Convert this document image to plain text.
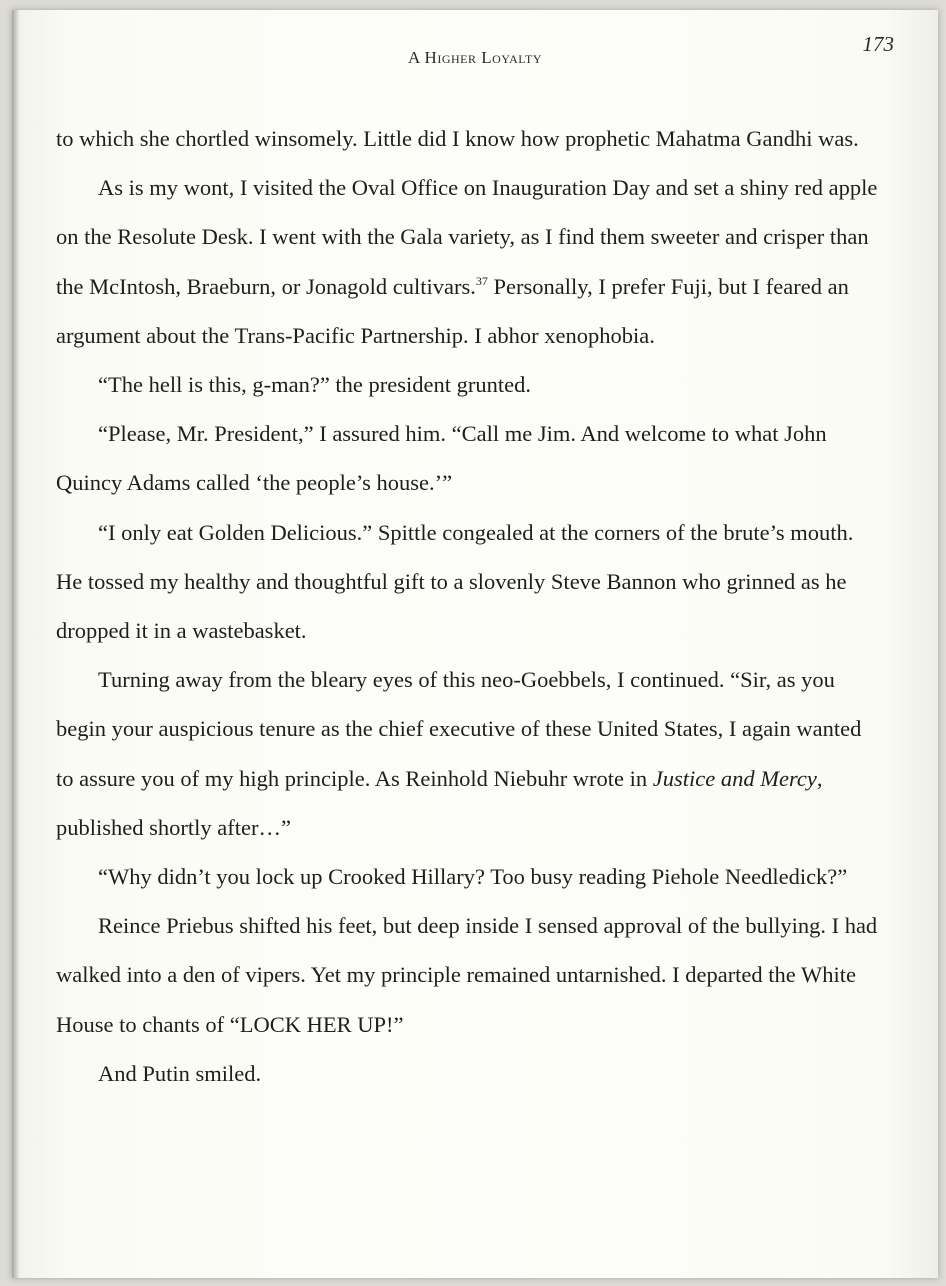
A Higher Loyalty
173

to which she chortled winsomely. Little did I know how prophetic Mahatma Gandhi was.

As is my wont, I visited the Oval Office on Inauguration Day and set a shiny red apple on the Resolute Desk. I went with the Gala variety, as I find them sweeter and crisper than the McIntosh, Braeburn, or Jonagold cultivars.$^{37}$ Personally, I prefer Fuji, but I feared an argument about the Trans-Pacific Partnership. I abhor xenophobia.

“The hell is this, g-man?” the president grunted.

“Please, Mr. President,” I assured him. “Call me Jim. And welcome to what John Quincy Adams called ‘the people’s house.’”

“I only eat Golden Delicious.” Spittle congealed at the corners of the brute’s mouth. He tossed my healthy and thoughtful gift to a slovenly Steve Bannon who grinned as he dropped it in a wastebasket.

Turning away from the bleary eyes of this neo-Goebbels, I continued. “Sir, as you begin your auspicious tenure as the chief executive of these United States, I again wanted to assure you of my high principle. As Reinhold Niebuhr wrote in Justice and Mercy, published shortly after…”

“Why didn’t you lock up Crooked Hillary? Too busy reading Piehole Needledick?”

Reince Priebus shifted his feet, but deep inside I sensed approval of the bullying. I had walked into a den of vipers. Yet my principle remained untarnished. I departed the White House to chants of “LOCK HER UP!”

And Putin smiled.
